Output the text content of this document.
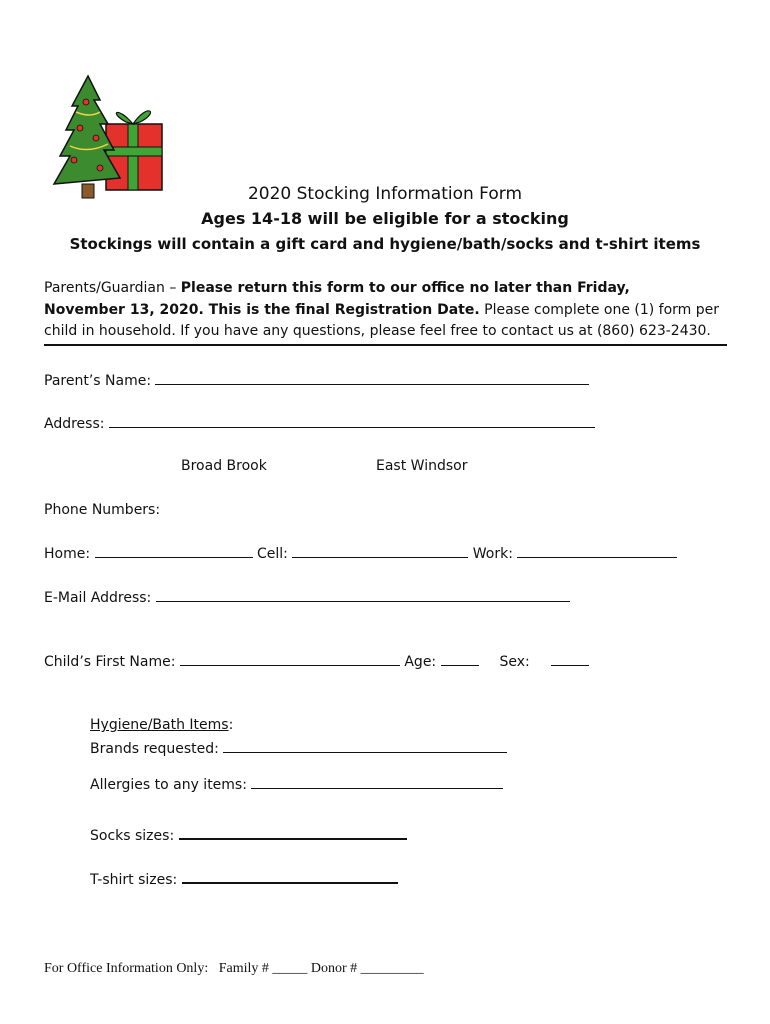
2020 Stocking Information Form
Ages 14-18 will be eligible for a stocking
Stockings will contain a gift card and hygiene/bath/socks and t-shirt items
Parents/Guardian – Please return this form to our office no later than Friday,
November 13, 2020. This is the final Registration Date. Please complete one (1) form per
child in household. If you have any questions, please feel free to contact us at (860) 623-2430.
Parent’s Name:
Address:
Broad Brook	East Windsor
Phone Numbers:
Home:	Cell:	Work:
E-Mail Address:
Child’s First Name:	Age:	Sex:
Hygiene/Bath Items:
Brands requested:
Allergies to any items:
Socks sizes:
T-shirt sizes:
For Office Information Only: Family # _____ Donor # _________
